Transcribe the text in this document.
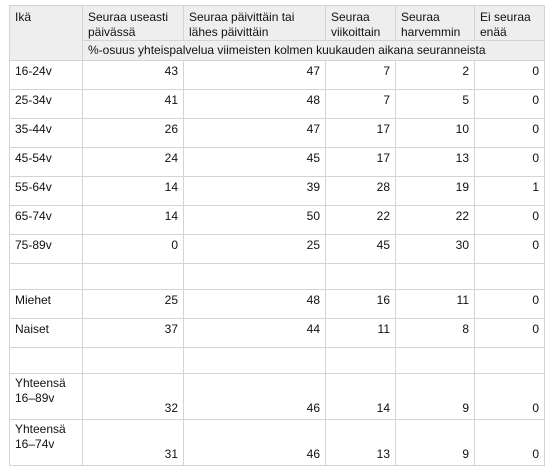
Ikä	Seuraa useasti päivässä	Seuraa päivittäin tai lähes päivittäin	Seuraa viikoittain	Seuraa harvemmin	Ei seuraa enää
	%-osuus yhteispalvelua viimeisten kolmen kuukauden aikana seuranneista				
16-24v	43	47	7	2	0
25-34v	41	48	7	5	0
35-44v	26	47	17	10	0
45-54v	24	45	17	13	0
55-64v	14	39	28	19	1
65-74v	14	50	22	22	0
75-89v	0	25	45	30	0

Miehet	25	48	16	11	0
Naiset	37	44	11	8	0

Yhteensä
16–89v	32	46	14	9	0

Yhteensä
16–74v	31	46	13	9	0
